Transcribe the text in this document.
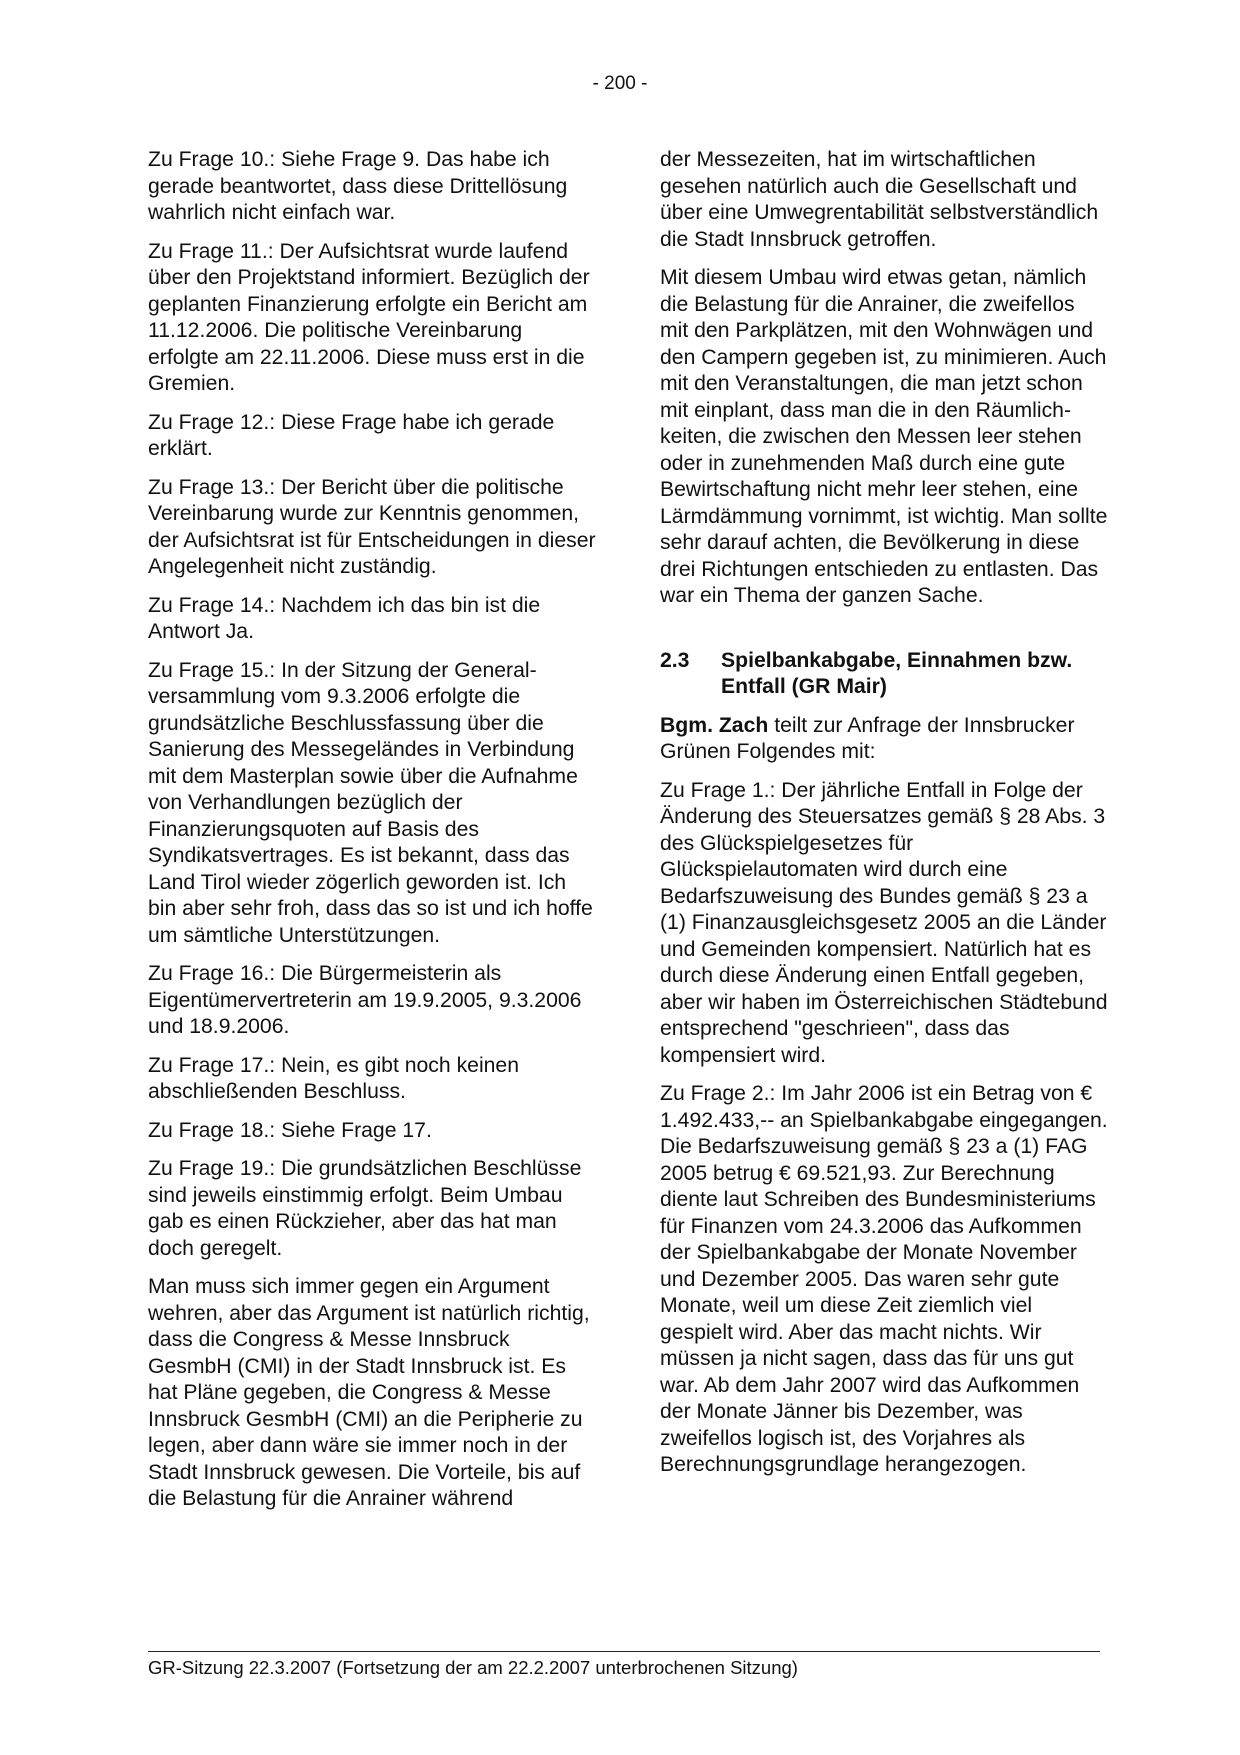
- 200 -

Zu Frage 10.: Siehe Frage 9. Das habe ich gerade beantwortet, dass diese Drittellösung wahrlich nicht einfach war.

Zu Frage 11.: Der Aufsichtsrat wurde laufend über den Projektstand informiert. Bezüglich der geplanten Finanzierung erfolgte ein Bericht am 11.12.2006. Die politische Vereinbarung erfolgte am 22.11.2006. Diese muss erst in die Gremien.

Zu Frage 12.: Diese Frage habe ich gerade erklärt.

Zu Frage 13.: Der Bericht über die politische Vereinbarung wurde zur Kenntnis genommen, der Aufsichtsrat ist für Entscheidungen in dieser Angelegenheit nicht zuständig.

Zu Frage 14.: Nachdem ich das bin ist die Antwort Ja.

Zu Frage 15.: In der Sitzung der Generalversammlung vom 9.3.2006 erfolgte die grundsätzliche Beschlussfassung über die Sanierung des Messegeländes in Verbindung mit dem Masterplan sowie über die Aufnahme von Verhandlungen bezüglich der Finanzierungsquoten auf Basis des Syndikatsvertrages. Es ist bekannt, dass das Land Tirol wieder zögerlich geworden ist. Ich bin aber sehr froh, dass das so ist und ich hoffe um sämtliche Unterstützungen.

Zu Frage 16.: Die Bürgermeisterin als Eigentümervertreterin am 19.9.2005, 9.3.2006 und 18.9.2006.

Zu Frage 17.: Nein, es gibt noch keinen abschließenden Beschluss.

Zu Frage 18.: Siehe Frage 17.

Zu Frage 19.: Die grundsätzlichen Beschlüsse sind jeweils einstimmig erfolgt. Beim Umbau gab es einen Rückzieher, aber das hat man doch geregelt.

Man muss sich immer gegen ein Argument wehren, aber das Argument ist natürlich richtig, dass die Congress & Messe Innsbruck GesmbH (CMI) in der Stadt Innsbruck ist. Es hat Pläne gegeben, die Congress & Messe Innsbruck GesmbH (CMI) an die Peripherie zu legen, aber dann wäre sie immer noch in der Stadt Innsbruck gewesen. Die Vorteile, bis auf die Belastung für die Anrainer während

der Messezeiten, hat im wirtschaftlichen gesehen natürlich auch die Gesellschaft und über eine Umwegrentabilität selbstverständlich die Stadt Innsbruck getroffen.

Mit diesem Umbau wird etwas getan, nämlich die Belastung für die Anrainer, die zweifellos mit den Parkplätzen, mit den Wohnwägen und den Campern gegeben ist, zu minimieren. Auch mit den Veranstaltungen, die man jetzt schon mit einplant, dass man die in den Räumlichkeiten, die zwischen den Messen leer stehen oder in zunehmenden Maß durch eine gute Bewirtschaftung nicht mehr leer stehen, eine Lärmdämmung vornimmt, ist wichtig. Man sollte sehr darauf achten, die Bevölkerung in diese drei Richtungen entschieden zu entlasten. Das war ein Thema der ganzen Sache.

2.3	Spielbankabgabe, Einnahmen bzw. Entfall (GR Mair)

Bgm. Zach teilt zur Anfrage der Innsbrucker Grünen Folgendes mit:

Zu Frage 1.: Der jährliche Entfall in Folge der Änderung des Steuersatzes gemäß § 28 Abs. 3 des Glückspielgesetzes für Glückspielautomaten wird durch eine Bedarfszuweisung des Bundes gemäß § 23 a (1) Finanzausgleichsgesetz 2005 an die Länder und Gemeinden kompensiert. Natürlich hat es durch diese Änderung einen Entfall gegeben, aber wir haben im Österreichischen Städtebund entsprechend "geschrieen", dass das kompensiert wird.

Zu Frage 2.: Im Jahr 2006 ist ein Betrag von € 1.492.433,-- an Spielbankabgabe eingegangen. Die Bedarfszuweisung gemäß § 23 a (1) FAG 2005 betrug € 69.521,93. Zur Berechnung diente laut Schreiben des Bundesministeriums für Finanzen vom 24.3.2006 das Aufkommen der Spielbankabgabe der Monate November und Dezember 2005. Das waren sehr gute Monate, weil um diese Zeit ziemlich viel gespielt wird. Aber das macht nichts. Wir müssen ja nicht sagen, dass das für uns gut war. Ab dem Jahr 2007 wird das Aufkommen der Monate Jänner bis Dezember, was zweifellos logisch ist, des Vorjahres als Berechnungsgrundlage herangezogen.

GR-Sitzung 22.3.2007 (Fortsetzung der am 22.2.2007 unterbrochenen Sitzung)
